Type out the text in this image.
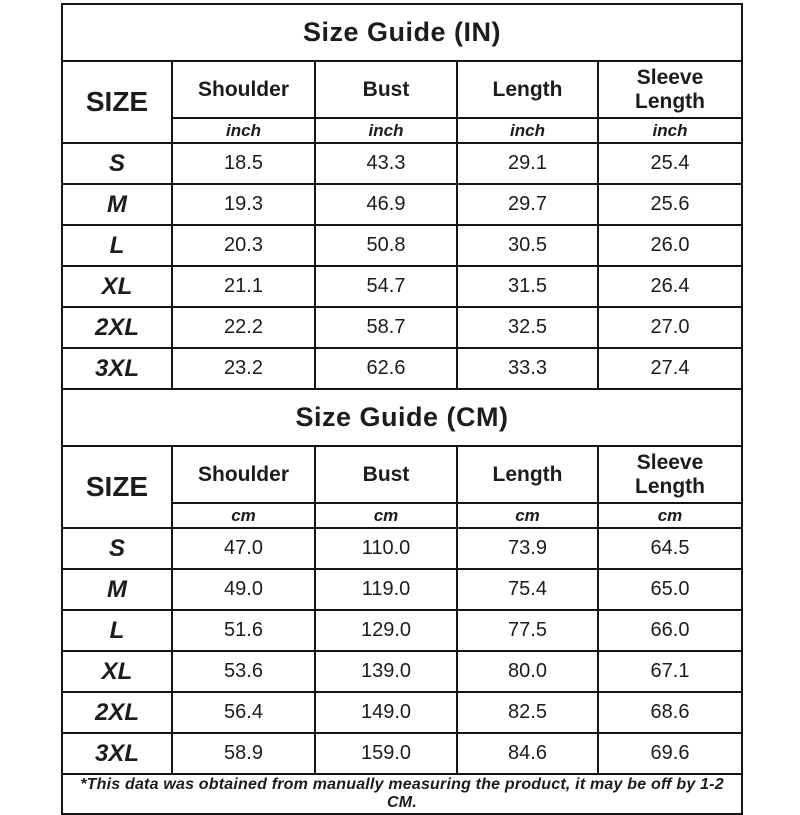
Size Guide (IN)				
SIZE	Shoulder	Bust	Length	Sleeve Length
	inch	inch	inch	inch
S	18.5	43.3	29.1	25.4
M	19.3	46.9	29.7	25.6
L	20.3	50.8	30.5	26.0
XL	21.1	54.7	31.5	26.4
2XL	22.2	58.7	32.5	27.0
3XL	23.2	62.6	33.3	27.4
Size Guide (CM)				
SIZE	Shoulder	Bust	Length	Sleeve Length
	cm	cm	cm	cm
S	47.0	110.0	73.9	64.5
M	49.0	119.0	75.4	65.0
L	51.6	129.0	77.5	66.0
XL	53.6	139.0	80.0	67.1
2XL	56.4	149.0	82.5	68.6
3XL	58.9	159.0	84.6	69.6
*This data was obtained from manually measuring the product, it may be off by 1-2 CM.				
